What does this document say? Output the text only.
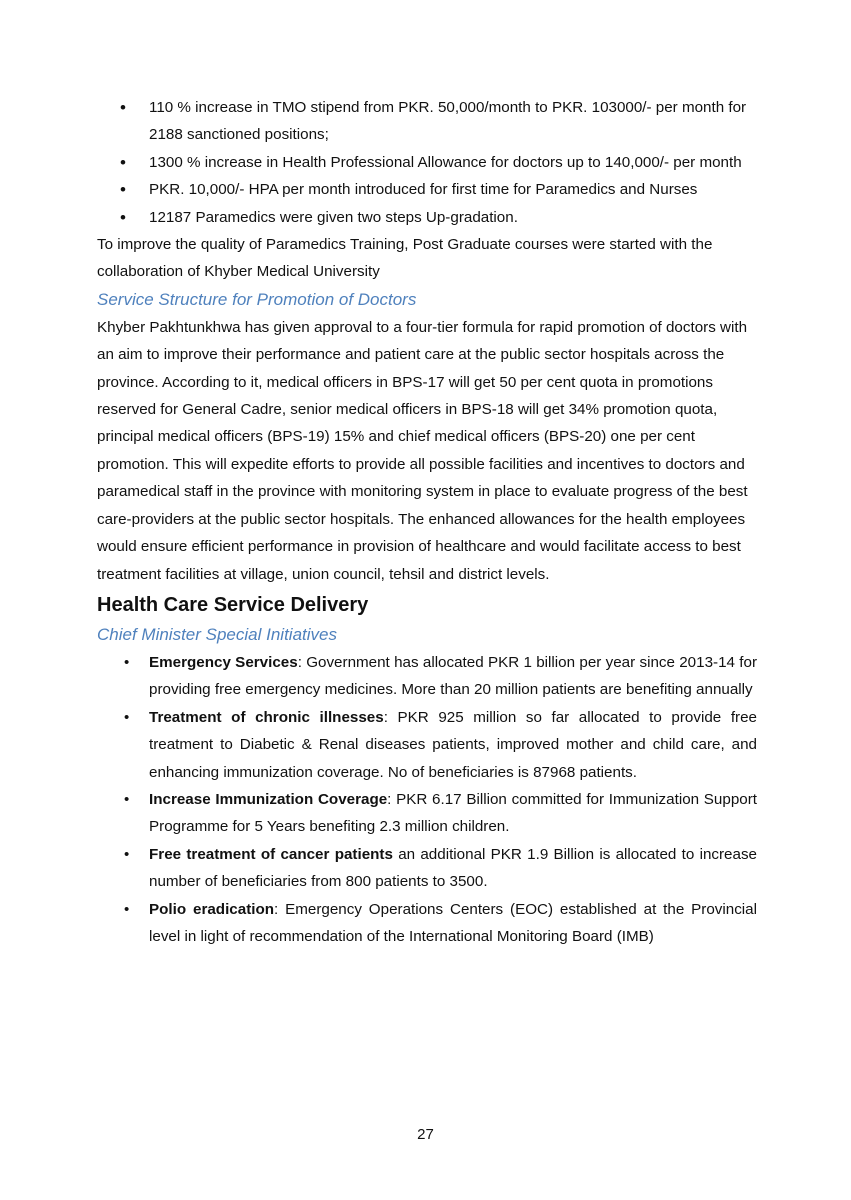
• 110 % increase in TMO stipend from PKR. 50,000/month to PKR. 103000/- per month for 2188 sanctioned positions;
• 1300 % increase in Health Professional Allowance for doctors up to 140,000/- per month
• PKR. 10,000/- HPA per month introduced for first time for Paramedics and Nurses
• 12187 Paramedics were given two steps Up-gradation.

To improve the quality of Paramedics Training, Post Graduate courses were started with the collaboration of Khyber Medical University

Service Structure for Promotion of Doctors

Khyber Pakhtunkhwa has given approval to a four-tier formula for rapid promotion of doctors with an aim to improve their performance and patient care at the public sector hospitals across the province. According to it, medical officers in BPS-17 will get 50 per cent quota in promotions reserved for General Cadre, senior medical officers in BPS-18 will get 34% promotion quota, principal medical officers (BPS-19) 15% and chief medical officers (BPS-20) one per cent promotion. This will expedite efforts to provide all possible facilities and incentives to doctors and paramedical staff in the province with monitoring system in place to evaluate progress of the best care-providers at the public sector hospitals. The enhanced allowances for the health employees would ensure efficient performance in provision of healthcare and would facilitate access to best treatment facilities at village, union council, tehsil and district levels.

Health Care Service Delivery
Chief Minister Special Initiatives
• Emergency Services: Government has allocated PKR 1 billion per year since 2013-14 for providing free emergency medicines. More than 20 million patients are benefiting annually
• Treatment of chronic illnesses: PKR 925 million so far allocated to provide free treatment to Diabetic & Renal diseases patients, improved mother and child care, and enhancing immunization coverage. No of beneficiaries is 87968 patients.
• Increase Immunization Coverage: PKR 6.17 Billion committed for Immunization Support Programme for 5 Years benefiting 2.3 million children.
• Free treatment of cancer patients an additional PKR 1.9 Billion is allocated to increase number of beneficiaries from 800 patients to 3500.
• Polio eradication: Emergency Operations Centers (EOC) established at the Provincial level in light of recommendation of the International Monitoring Board (IMB)
27
